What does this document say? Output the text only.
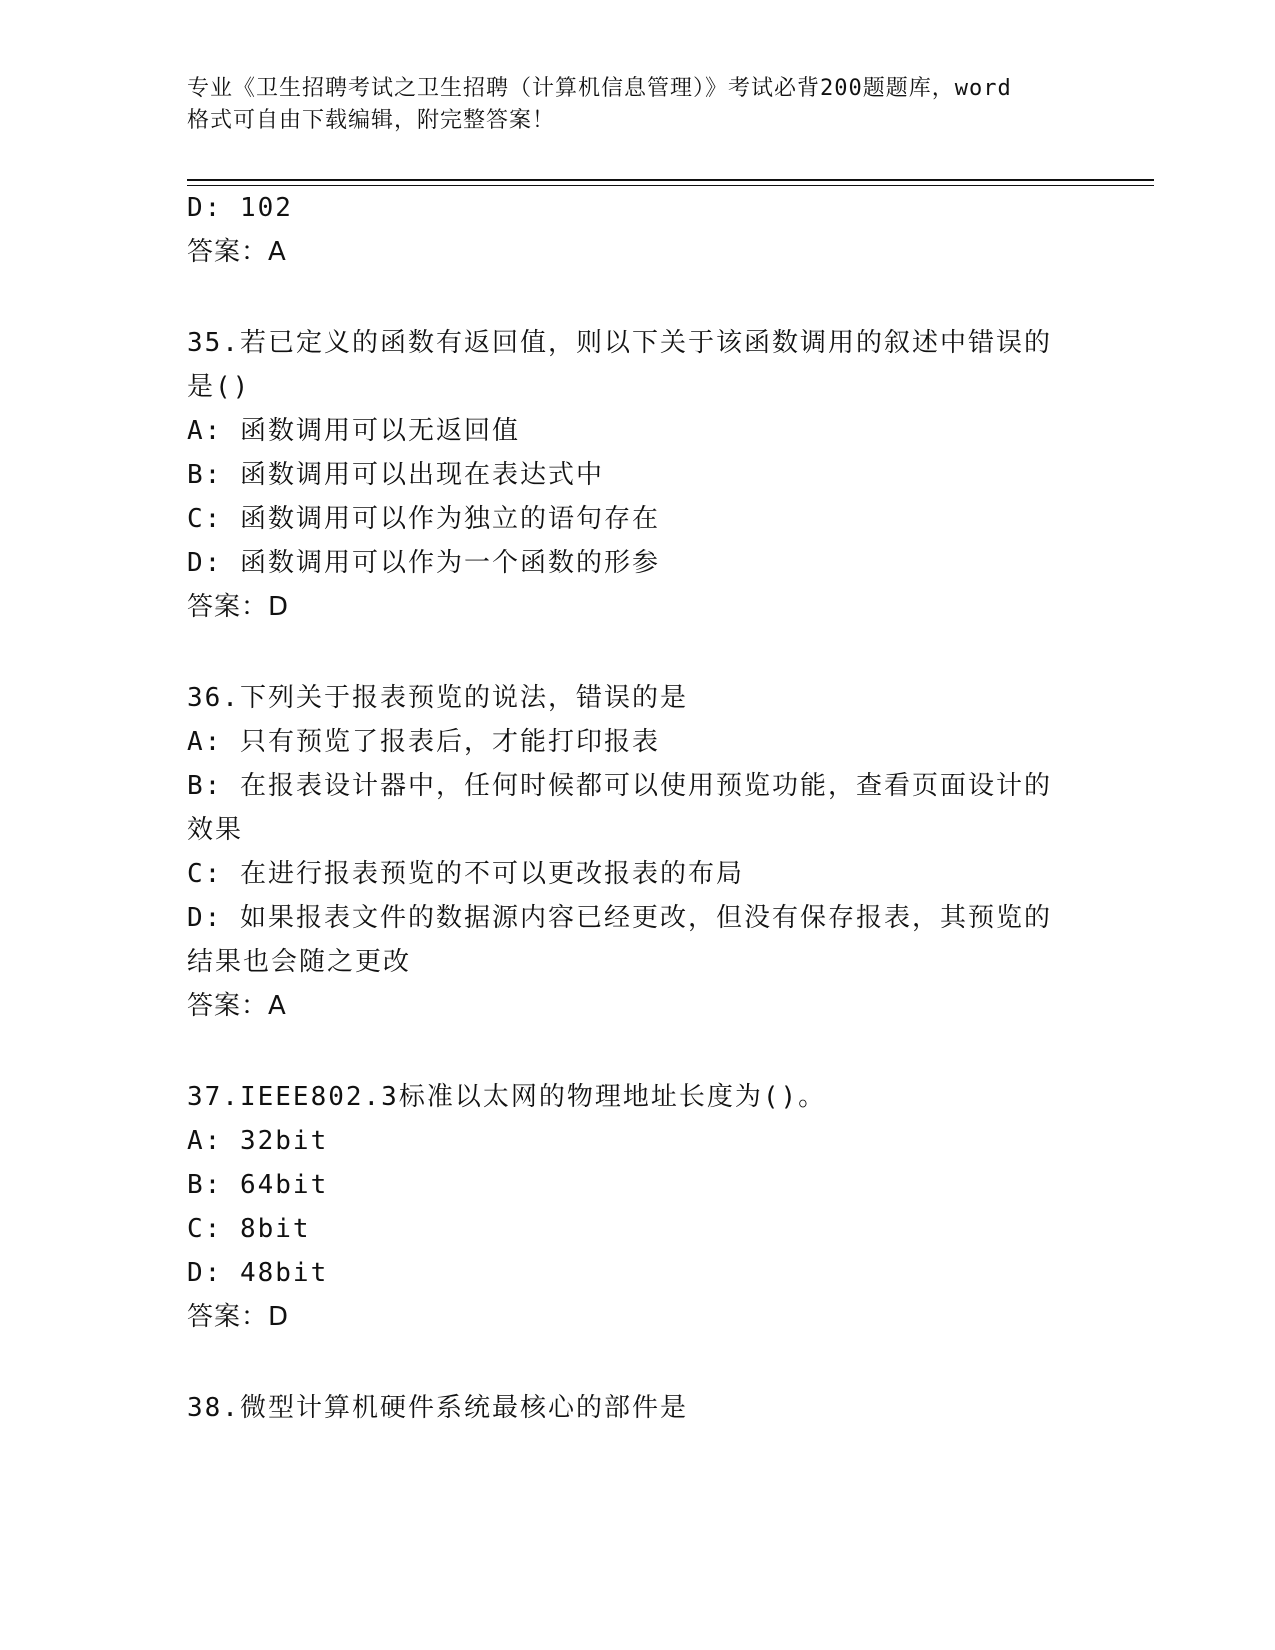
专业《卫生招聘考试之卫生招聘（计算机信息管理）》考试必背200题题库，word
格式可自由下载编辑，附完整答案！
D: 102
答案：A
35.若已定义的函数有返回值，则以下关于该函数调用的叙述中错误的
是()
A: 函数调用可以无返回值
B: 函数调用可以出现在表达式中
C: 函数调用可以作为独立的语句存在
D: 函数调用可以作为一个函数的形参
答案：D
36.下列关于报表预览的说法，错误的是
A: 只有预览了报表后，才能打印报表
B: 在报表设计器中，任何时候都可以使用预览功能，查看页面设计的
效果
C: 在进行报表预览的不可以更改报表的布局
D: 如果报表文件的数据源内容已经更改，但没有保存报表，其预览的
结果也会随之更改
答案：A
37.IEEE802.3标准以太网的物理地址长度为()。
A: 32bit
B: 64bit
C: 8bit
D: 48bit
答案：D
38.微型计算机硬件系统最核心的部件是
